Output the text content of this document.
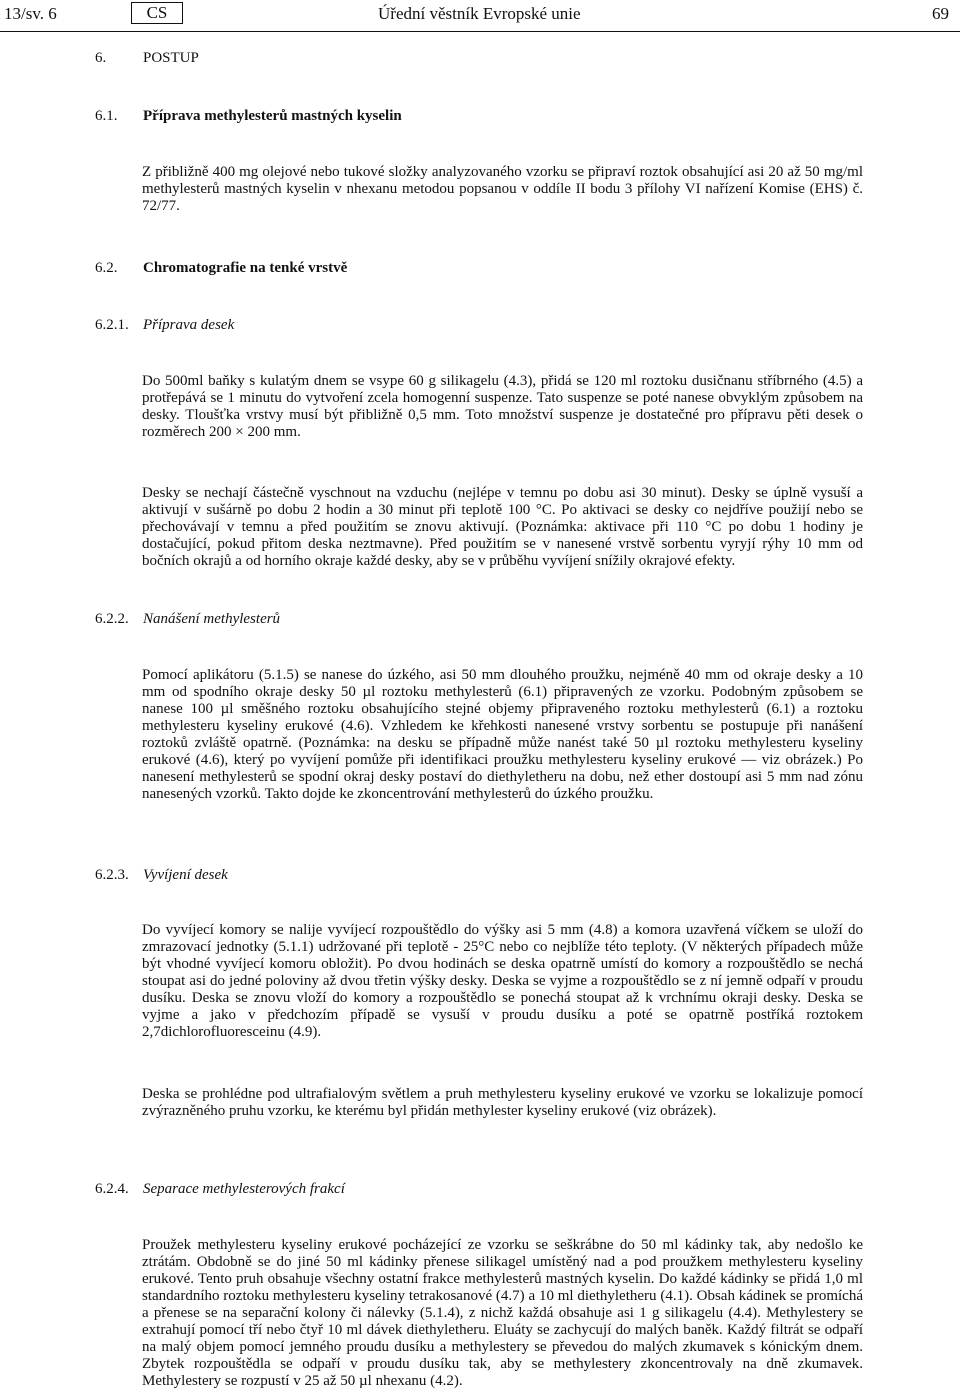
13/sv. 6	CS	Úřední věstník Evropské unie	69
6. POSTUP
6.1. Příprava methylesterů mastných kyselin

Z přibližně 400 mg olejové nebo tukové složky analyzovaného vzorku se připraví roztok obsahující asi 20 až 50 mg/ml methylesterů mastných kyselin v nhexanu metodou popsanou v oddíle II bodu 3 přílohy VI nařízení Komise (EHS) č. 72/77.

6.2. Chromatografie na tenké vrstvě
6.2.1. Příprava desek

Do 500ml baňky s kulatým dnem se vsype 60 g silikagelu (4.3), přidá se 120 ml roztoku dusičnanu stříbrného (4.5) a protřepává se 1 minutu do vytvoření zcela homogenní suspenze. Tato suspenze se poté nanese obvyklým způsobem na desky. Tloušťka vrstvy musí být přibližně 0,5 mm. Toto množství suspenze je dostatečné pro přípravu pěti desek o rozměrech 200 × 200 mm.

Desky se nechají částečně vyschnout na vzduchu (nejlépe v temnu po dobu asi 30 minut). Desky se úplně vysuší a aktivují v sušárně po dobu 2 hodin a 30 minut při teplotě 100 °C. Po aktivaci se desky co nejdříve použijí nebo se přechovávají v temnu a před použitím se znovu aktivují. (Poznámka: aktivace při 110 °C po dobu 1 hodiny je dostačující, pokud přitom deska neztmavne). Před použitím se v nanesené vrstvě sorbentu vyryjí rýhy 10 mm od bočních okrajů a od horního okraje každé desky, aby se v průběhu vyvíjení snížily okrajové efekty.

6.2.2. Nanášení methylesterů

Pomocí aplikátoru (5.1.5) se nanese do úzkého, asi 50 mm dlouhého proužku, nejméně 40 mm od okraje desky a 10 mm od spodního okraje desky 50 µl roztoku methylesterů (6.1) připravených ze vzorku. Podobným způsobem se nanese 100 µl směšného roztoku obsahujícího stejné objemy připraveného roztoku methylesterů (6.1) a roztoku methylesteru kyseliny erukové (4.6). Vzhledem ke křehkosti nanesené vrstvy sorbentu se postupuje při nanášení roztoků zvláště opatrně. (Poznámka: na desku se případně může nanést také 50 µl roztoku methylesteru kyseliny erukové (4.6), který po vyvíjení pomůže při identifikaci proužku methylesteru kyseliny erukové — viz obrázek.) Po nanesení methylesterů se spodní okraj desky postaví do diethyletheru na dobu, než ether dostoupí asi 5 mm nad zónu nanesených vzorků. Takto dojde ke zkoncentrování methylesterů do úzkého proužku.

6.2.3. Vyvíjení desek

Do vyvíjecí komory se nalije vyvíjecí rozpouštědlo do výšky asi 5 mm (4.8) a komora uzavřená víčkem se uloží do zmrazovací jednotky (5.1.1) udržované při teplotě - 25°C nebo co nejblíže této teploty. (V některých případech může být vhodné vyvíjecí komoru obložit). Po dvou hodinách se deska opatrně umístí do komory a rozpouštědlo se nechá stoupat asi do jedné poloviny až dvou třetin výšky desky. Deska se vyjme a rozpouštědlo se z ní jemně odpaří v proudu dusíku. Deska se znovu vloží do komory a rozpouštědlo se ponechá stoupat až k vrchnímu okraji desky. Deska se vyjme a jako v předchozím případě se vysuší v proudu dusíku a poté se opatrně postříká roztokem 2,7dichlorofluoresceinu (4.9).

Deska se prohlédne pod ultrafialovým světlem a pruh methylesteru kyseliny erukové ve vzorku se lokalizuje pomocí zvýrazněného pruhu vzorku, ke kterému byl přidán methylester kyseliny erukové (viz obrázek).

6.2.4. Separace methylesterových frakcí

Proužek methylesteru kyseliny erukové pocházející ze vzorku se seškrábne do 50 ml kádinky tak, aby nedošlo ke ztrátám. Obdobně se do jiné 50 ml kádinky přenese silikagel umístěný nad a pod proužkem methylesteru kyseliny erukové. Tento pruh obsahuje všechny ostatní frakce methylesterů mastných kyselin. Do každé kádinky se přidá 1,0 ml standardního roztoku methylesteru kyseliny tetrakosanové (4.7) a 10 ml diethyletheru (4.1). Obsah kádinek se promíchá a přenese se na separační kolony či nálevky (5.1.4), z nichž každá obsahuje asi 1 g silikagelu (4.4). Methylestery se extrahují pomocí tří nebo čtyř 10 ml dávek diethyletheru. Eluáty se zachycují do malých baněk. Každý filtrát se odpaří na malý objem pomocí jemného proudu dusíku a methylestery se převedou do malých zkumavek s kónickým dnem. Zbytek rozpouštědla se odpaří v proudu dusíku tak, aby se methylestery zkoncentrovaly na dně zkumavek. Methylestery se rozpustí v 25 až 50 µl nhexanu (4.2).
